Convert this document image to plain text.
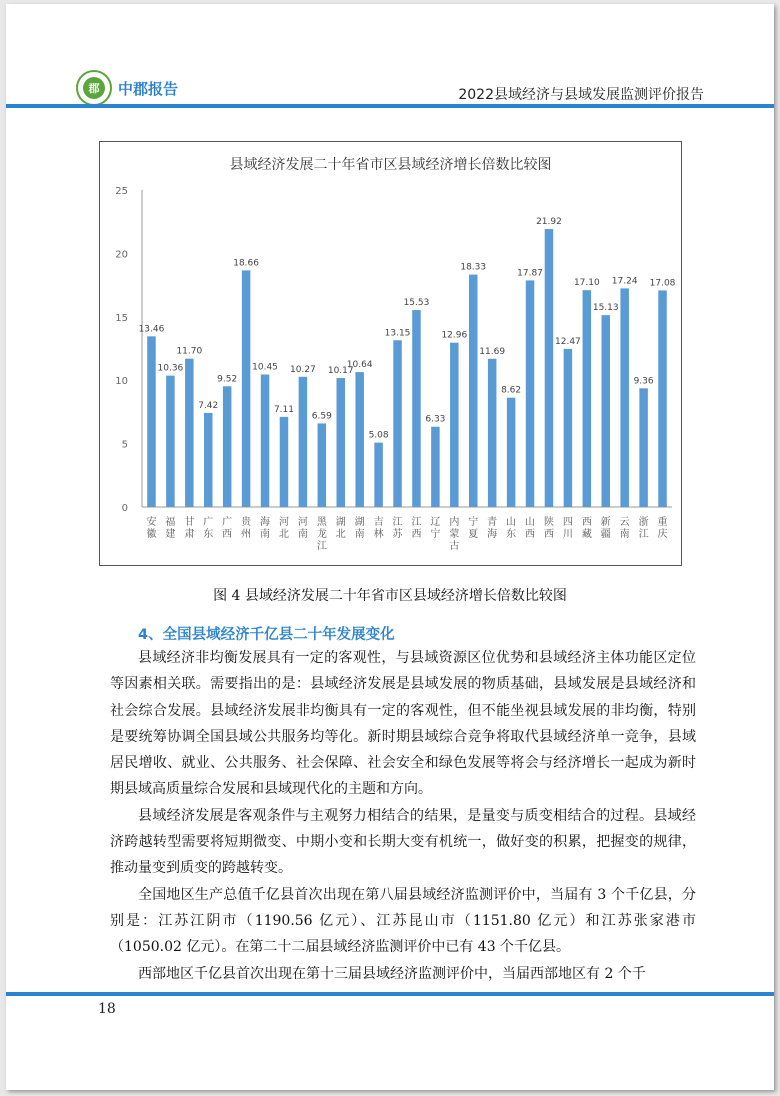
郡	中郡报告	2022县域经济与县域发展监测评价报告
县域经济发展二十年省市区县域经济增长倍数比较图
0
5
10
15
20
25
13.46
安徽
10.36
福建
11.70
甘肃
7.42
广东
9.52
广西
18.66
贵州
10.45
海南
7.11
河北
10.27
河南
6.59
黑龙江
10.17
湖北
10.64
湖南
5.08
吉林
13.15
江苏
15.53
江西
6.33
辽宁
12.96
内蒙古
18.33
宁夏
11.69
青海
8.62
山东
17.87
山西
21.92
陕西
12.47
四川
17.10
西藏
15.13
新疆
17.24
云南
9.36
浙江
17.08
重庆
图 4 县域经济发展二十年省市区县域经济增长倍数比较图
4、全国县域经济千亿县二十年发展变化

县域经济非均衡发展具有一定的客观性，与县域资源区位优势和县域经济主体功能区定位等因素相关联。需要指出的是：县域经济发展是县域发展的物质基础，县域发展是县域经济和社会综合发展。县域经济发展非均衡具有一定的客观性，但不能坐视县域发展的非均衡，特别是要统筹协调全国县域公共服务均等化。新时期县域综合竞争将取代县域经济单一竞争，县域居民增收、就业、公共服务、社会保障、社会安全和绿色发展等将会与经济增长一起成为新时期县域高质量综合发展和县域现代化的主题和方向。

县域经济发展是客观条件与主观努力相结合的结果，是量变与质变相结合的过程。县域经济跨越转型需要将短期微变、中期小变和长期大变有机统一，做好变的积累，把握变的规律，推动量变到质变的跨越转变。

全国地区生产总值千亿县首次出现在第八届县域经济监测评价中，当届有 3 个千亿县，分别是：江苏江阴市（1190.56 亿元）、江苏昆山市（1151.80 亿元）和江苏张家港市（1050.02 亿元）。在第二十二届县域经济监测评价中已有 43 个千亿县。

西部地区千亿县首次出现在第十三届县域经济监测评价中，当届西部地区有 2 个千

18
